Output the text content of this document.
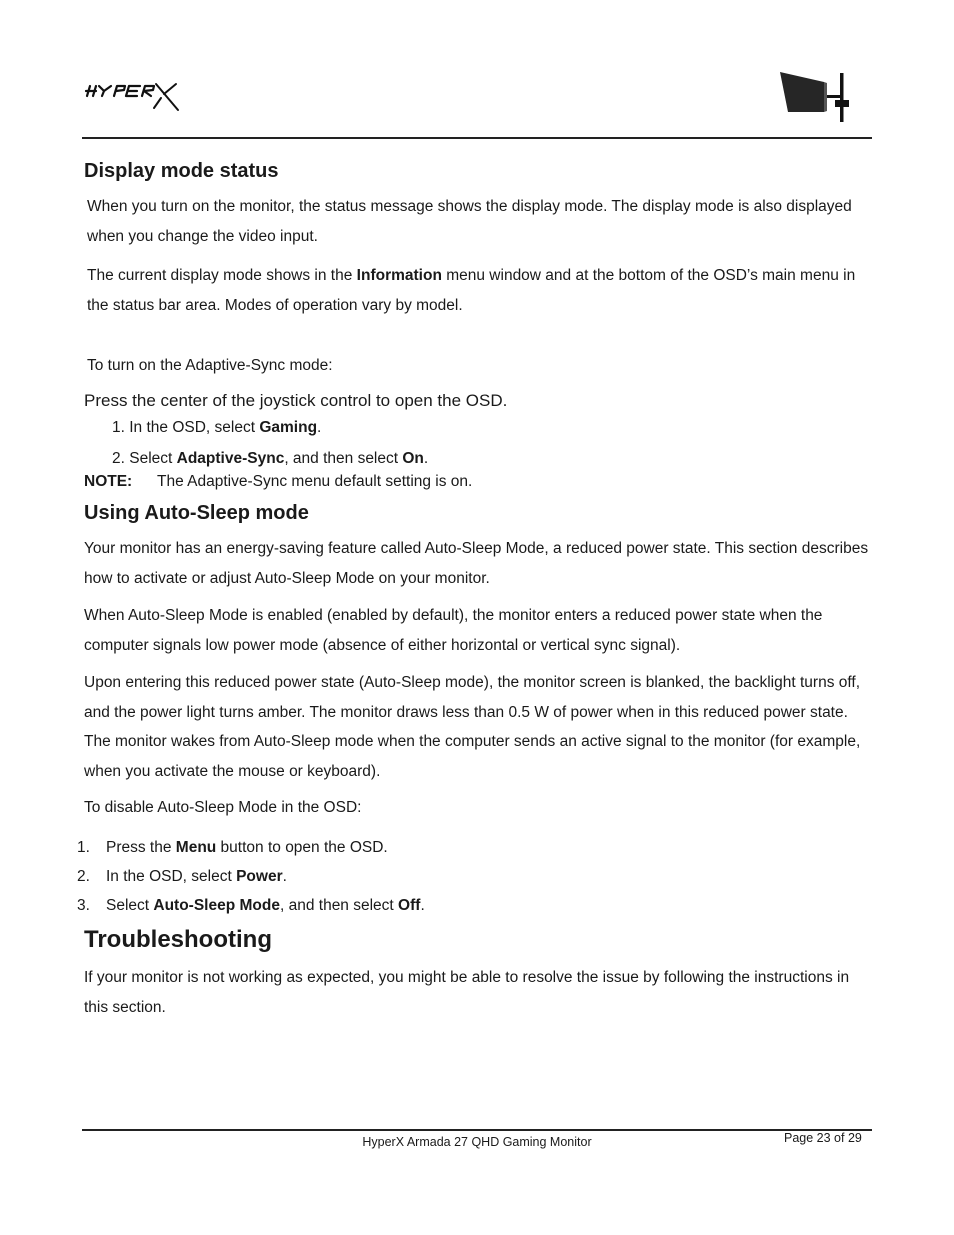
Display mode status

When you turn on the monitor, the status message shows the display mode. The display mode is also displayed when you change the video input.

The current display mode shows in the Information menu window and at the bottom of the OSD’s main menu in the status bar area. Modes of operation vary by model.

To turn on the Adaptive-Sync mode:

Press the center of the joystick control to open the OSD.

1. In the OSD, select Gaming.

2. Select Adaptive-Sync, and then select On.

NOTE: The Adaptive-Sync menu default setting is on.

Using Auto-Sleep mode

Your monitor has an energy-saving feature called Auto-Sleep Mode, a reduced power state. This section describes how to activate or adjust Auto-Sleep Mode on your monitor.

When Auto-Sleep Mode is enabled (enabled by default), the monitor enters a reduced power state when the computer signals low power mode (absence of either horizontal or vertical sync signal).

Upon entering this reduced power state (Auto-Sleep mode), the monitor screen is blanked, the backlight turns off, and the power light turns amber. The monitor draws less than 0.5 W of power when in this reduced power state. The monitor wakes from Auto-Sleep mode when the computer sends an active signal to the monitor (for example, when you activate the mouse or keyboard).

To disable Auto-Sleep Mode in the OSD:

1. Press the Menu button to open the OSD.

2. In the OSD, select Power.

3. Select Auto-Sleep Mode, and then select Off.

Troubleshooting

If your monitor is not working as expected, you might be able to resolve the issue by following the instructions in this section.

HyperX Armada 27 QHD Gaming Monitor	Page 23 of 29
